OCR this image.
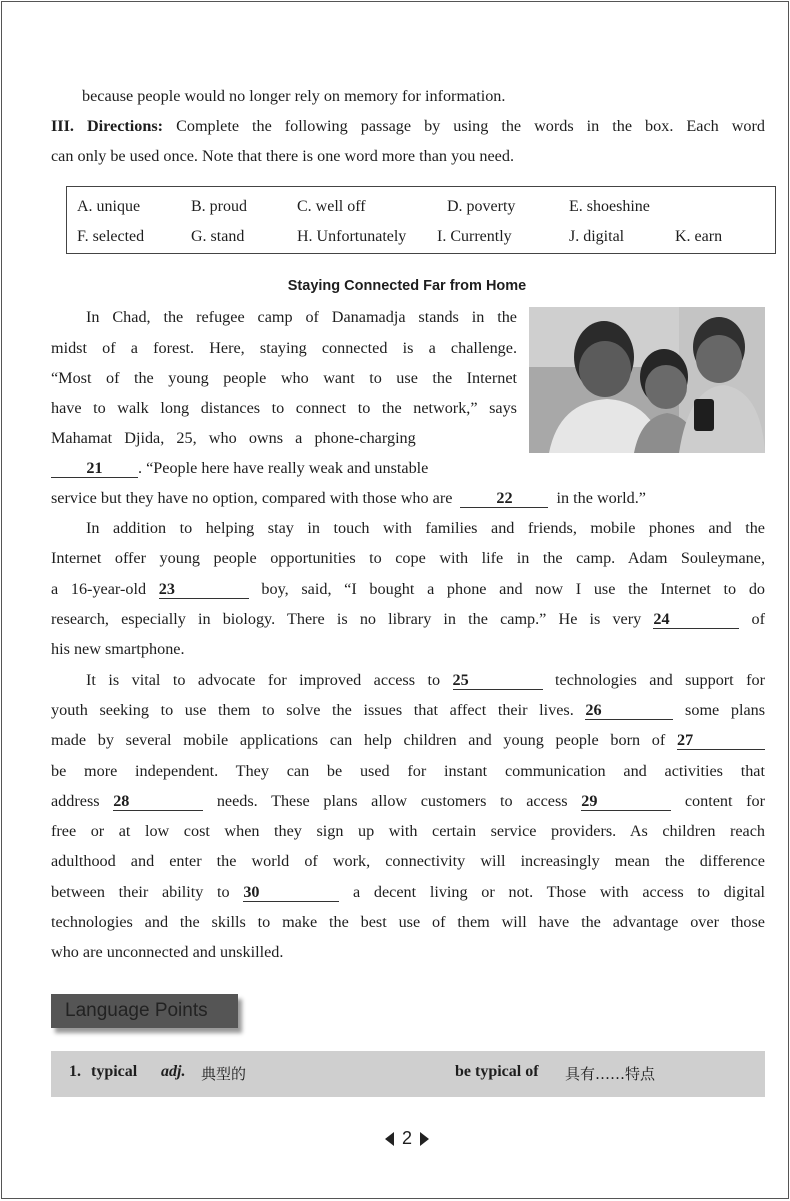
because people would no longer rely on memory for information.
III. Directions: Complete the following passage by using the words in the box. Each word
can only be used once. Note that there is one word more than you need.
A. unique	B. proud	C. well off	D. poverty	E. shoeshine
F. selected	G. stand	H. Unfortunately I. Currently	J. digital	K. earn
Staying Connected Far from Home
In Chad, the refugee camp of Danamadja stands in the
midst of a forest. Here, staying connected is a challenge.
“Most of the young people who want to use the Internet
have to walk long distances to connect to the network,” says
Mahamat   Djida,   25,   who   owns   a   phone-charging
21 . “People here have really weak and unstable
service but they have no option, compared with those who are	22	in the world.”
In addition to helping stay in touch with families and friends, mobile phones and the
Internet offer young people opportunities to cope with life in the camp. Adam Souleymane,
a 16-year-old 23	boy, said, “I bought a phone and now I use the Internet to do
research, especially in biology. There is no library in the camp.” He is very 24	of
his new smartphone.
It is vital to advocate for improved access to 25	technologies and support for
youth seeking to use them to solve the issues that affect their lives. 26	some plans
made by several mobile applications can help children and young people born of 27
be more independent. They can be used for instant communication and activities that
address 28	needs. These plans allow customers to access 29	content for
free or at low cost when they sign up with certain service providers. As children reach
adulthood and enter the world of work, connectivity will increasingly mean the difference
between their ability to 30	a decent living or not. Those with access to digital
technologies and the skills to make the best use of them will have the advantage over those
who are unconnected and unskilled.
Language Points
1. typical adj. 典型的	be typical of 具有……特点
2
